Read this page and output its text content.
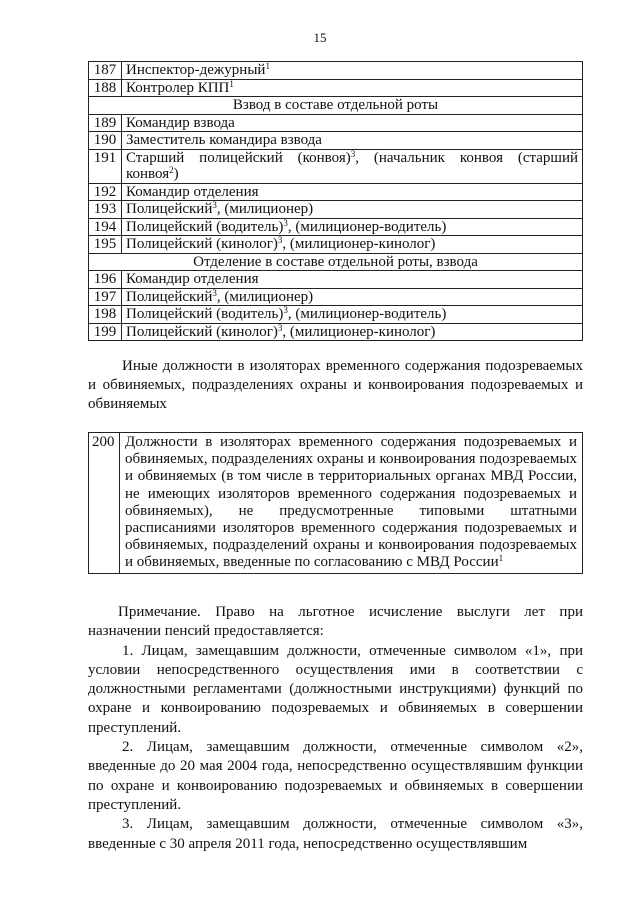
15
187	Инспектор-дежурный$^1$
188	Контролер КПП$^1$
Взвод в составе отдельной роты	
189	Командир взвода
190	Заместитель командира взвода
191	Старший полицейский (конвоя)$^3$, (начальник конвоя (старший конвоя$^2$)
192	Командир отделения
193	Полицейский$^3$, (милиционер)
194	Полицейский (водитель)$^3$, (милиционер-водитель)
195	Полицейский (кинолог)$^3$, (милиционер-кинолог)
Отделение в составе отдельной роты, взвода	
196	Командир отделения
197	Полицейский$^3$, (милиционер)
198	Полицейский (водитель)$^3$, (милиционер-водитель)
199	Полицейский (кинолог)$^3$, (милиционер-кинолог)
Иные должности в изоляторах временного содержания подозреваемых и обвиняемых, подразделениях охраны и конвоирования подозреваемых и обвиняемых
200	Должности в изоляторах временного содержания подозреваемых и обвиняемых, подразделениях охраны и конвоирования подозреваемых и обвиняемых (в том числе в территориальных органах МВД России, не имеющих изоляторов временного содержания подозреваемых и обвиняемых), не предусмотренные типовыми штатными расписаниями изоляторов временного содержания подозреваемых и обвиняемых, подразделений охраны и конвоирования подозреваемых и обвиняемых, введенные по согласованию с МВД России$^1$

Примечание. Право на льготное исчисление выслуги лет при назначении пенсий предоставляется:

1. Лицам, замещавшим должности, отмеченные символом «1», при условии непосредственного осуществления ими в соответствии с должностными регламентами (должностными инструкциями) функций по охране и конвоированию подозреваемых и обвиняемых в совершении преступлений.

2. Лицам, замещавшим должности, отмеченные символом «2», введенные до 20 мая 2004 года, непосредственно осуществлявшим функции по охране и конвоированию подозреваемых и обвиняемых в совершении преступлений.

3. Лицам, замещавшим должности, отмеченные символом «3», введенные с 30 апреля 2011 года, непосредственно осуществлявшим
